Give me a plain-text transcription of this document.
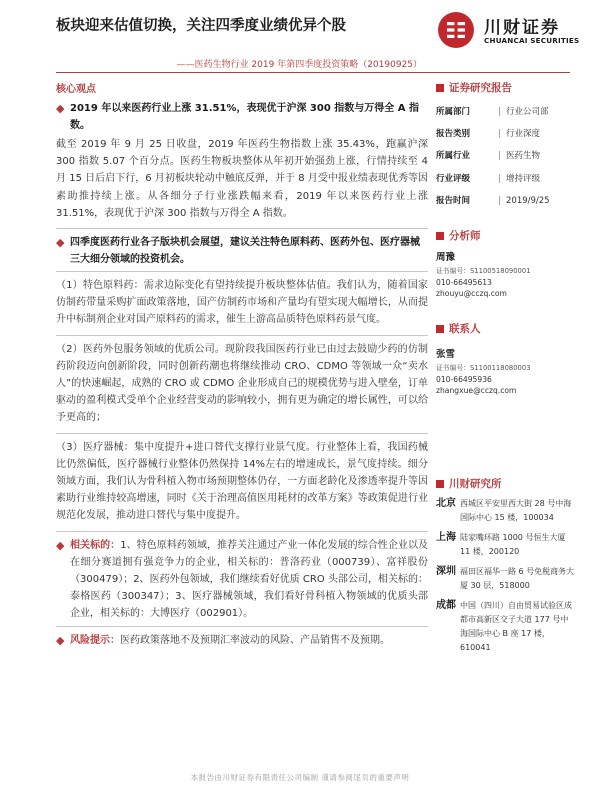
板块迎来估值切换，关注四季度业绩优异个股	川财证券
CHUANCAI SECURITIES
——医药生物行业 2019 年第四季度投资策略（20190925）
核心观点
◆ 2019 年以来医药行业上涨 31.51%，表现优于沪深 300 指数与万得全 A 指数。
截至 2019 年 9 月 25 日收盘，2019 年医药生物指数上涨 35.43%，跑赢沪深 300 指数 5.07 个百分点。医药生物板块整体从年初开始强劲上涨，行情持续至 4 月 15 日后启下行，6 月初板块轮动中触底反弹，并于 8 月受中报业绩表现优秀等因素助推持续上涨。从各细分子行业涨跌幅来看，2019 年以来医药行业上涨 31.51%，表现优于沪深 300 指数与万得全 A 指数。
◆ 四季度医药行业各子版块机会展望，建议关注特色原料药、医药外包、医疗器械三大细分领域的投资机会。
（1）特色原料药：需求边际变化有望持续提升板块整体估值。我们认为，随着国家仿制药带量采购扩面政策落地，国产仿制药市场和产量均有望实现大幅增长，从而提升中标制剂企业对国产原料药的需求，催生上游高品质特色原料药景气度。
（2）医药外包服务领域的优质公司。现阶段我国医药行业已由过去鼓励少药的仿制药阶段迈向创新阶段，同时创新药潮也将继续推动 CRO、CDMO 等领域一众“卖水人”的快速崛起，成熟的 CRO 或 CDMO 企业形成自己的规模优势与进入壁垒，订单驱动的盈利模式受单个企业经营变动的影响较小，拥有更为确定的增长属性，可以给予更高的；
（3）医疗器械：集中度提升+进口替代支撑行业景气度。行业整体上看，我国药械比仍然偏低，医疗器械行业整体仍然保持 14%左右的增速成长，景气度持续。细分领域方面，我们认为骨科植入物市场预期整体仍存，一方面老龄化及渗透率提升等因素助行业维持较高增速，同时《关于治理高值医用耗材的改革方案》等政策促进行业规范化发展，推动进口替代与集中度提升。
◆ 相关标的：1、特色原料药领域，推荐关注通过产业一体化发展的综合性企业以及在细分赛道拥有强竞争力的企业，相关标的：普洛药业（000739）、富祥股份（300479）；2、医药外包领域，我们继续看好优质 CRO 头部公司，相关标的：泰格医药（300347）；3、医疗器械领域，我们看好骨科植入物领域的优质头部企业，相关标的：大博医疗（002901）。
◆ 风险提示：医药政策落地不及预期汇率波动的风险、产品销售不及预期。
证券研究报告
所属部门	| 行业公司部
报告类别	| 行业深度
所属行业	| 医药生物
行业评级	| 增持评级
报告时间	| 2019/9/25
分析师
周豫
证书编号：S1100518090001
010-66495613
zhouyu@cczq.com
联系人
张雪
证书编号：S1100118080003
010-66495936
zhangxue@cczq.com
川财研究所
北京 西城区平安里西大街 28 号中海国际中心 15 楼，100034
上海 陆家嘴环路 1000 号恒生大厦 11 楼，200120
深圳 福田区福华一路 6 号免税商务大厦 30 层，518000
成都 中国（四川）自由贸易试验区成都市高新区交子大道 177 号中海国际中心 B 座 17 楼，610041
本报告由川财证券有限责任公司编制 谨请参阅尾页的重要声明
